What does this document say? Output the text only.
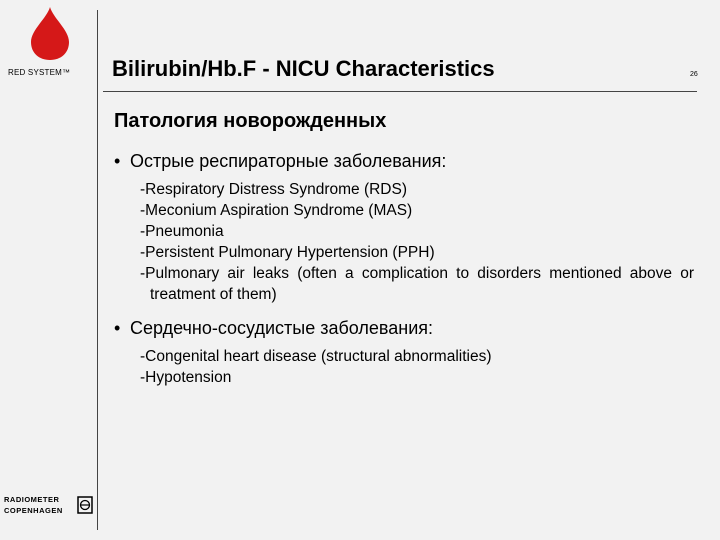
RED SYSTEM™ Bilirubin/Hb.F - NICU Characteristics	26
Патология новорожденных
• Острые респираторные заболевания:
-Respiratory Distress Syndrome (RDS)
-Meconium Aspiration Syndrome (MAS)
-Pneumonia
-Persistent Pulmonary Hypertension (PPH)
-Pulmonary air leaks (often a complication to disorders mentioned above or treatment of them)
• Сердечно-сосудистые заболевания:
-Congenital heart disease (structural abnormalities)
-Hypotension
RADIOMETER
COPENHAGEN
